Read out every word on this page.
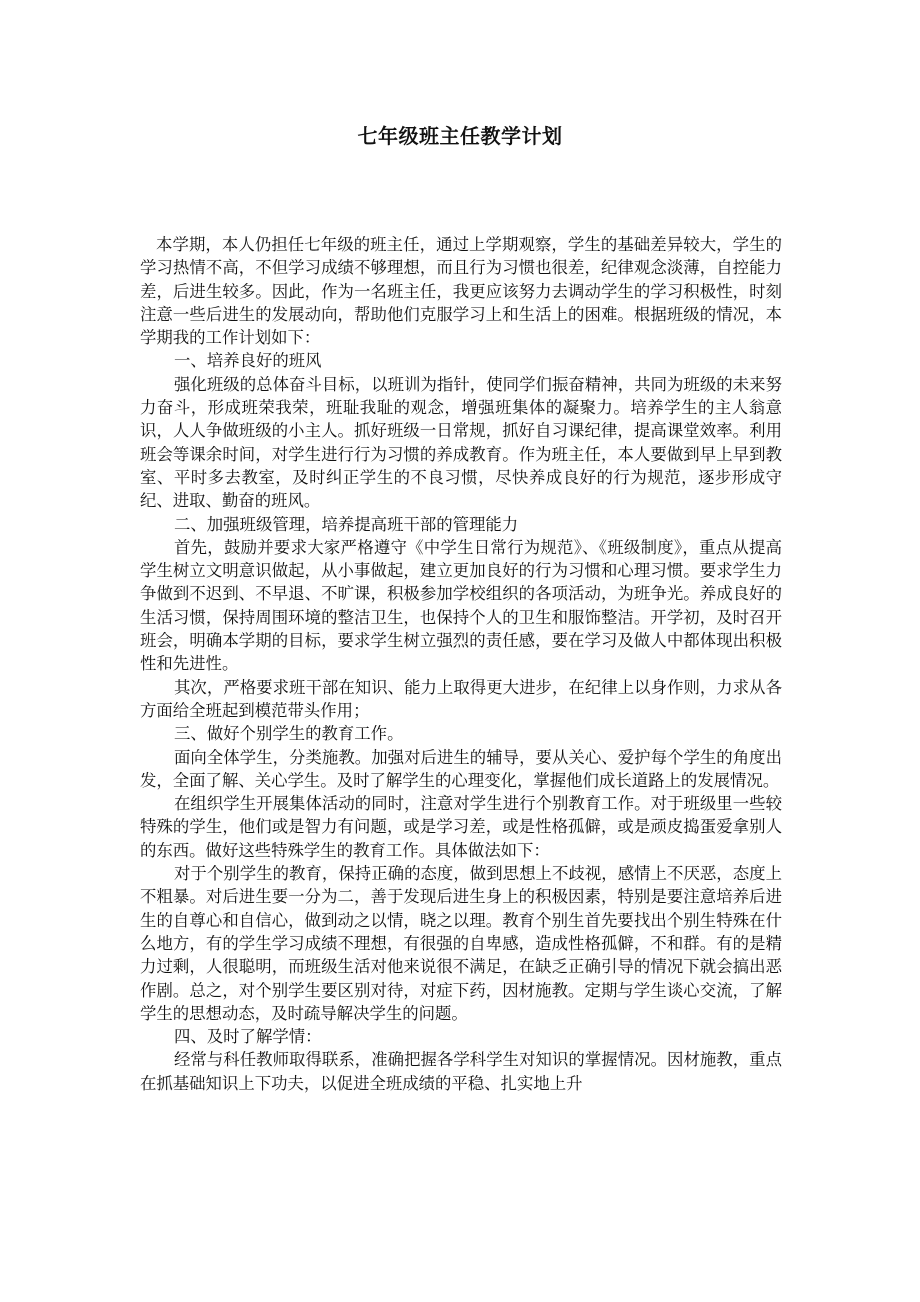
七年级班主任教学计划

本学期，本人仍担任七年级的班主任，通过上学期观察，学生的基础差异较大，学生的学习热情不高，不但学习成绩不够理想，而且行为习惯也很差，纪律观念淡薄，自控能力差，后进生较多。因此，作为一名班主任，我更应该努力去调动学生的学习积极性，时刻注意一些后进生的发展动向，帮助他们克服学习上和生活上的困难。根据班级的情况，本学期我的工作计划如下：

一、培养良好的班风

强化班级的总体奋斗目标，以班训为指针，使同学们振奋精神，共同为班级的未来努力奋斗，形成班荣我荣，班耻我耻的观念，增强班集体的凝聚力。培养学生的主人翁意识，人人争做班级的小主人。抓好班级一日常规，抓好自习课纪律，提高课堂效率。利用班会等课余时间，对学生进行行为习惯的养成教育。作为班主任，本人要做到早上早到教室、平时多去教室，及时纠正学生的不良习惯，尽快养成良好的行为规范，逐步形成守纪、进取、勤奋的班风。

二、加强班级管理，培养提高班干部的管理能力

首先，鼓励并要求大家严格遵守《中学生日常行为规范》、《班级制度》，重点从提高学生树立文明意识做起，从小事做起，建立更加良好的行为习惯和心理习惯。要求学生力争做到不迟到、不早退、不旷课，积极参加学校组织的各项活动，为班争光。养成良好的生活习惯，保持周围环境的整洁卫生，也保持个人的卫生和服饰整洁。开学初，及时召开班会，明确本学期的目标，要求学生树立强烈的责任感，要在学习及做人中都体现出积极性和先进性。

其次，严格要求班干部在知识、能力上取得更大进步，在纪律上以身作则，力求从各方面给全班起到模范带头作用；

三、做好个别学生的教育工作。

面向全体学生，分类施教。加强对后进生的辅导，要从关心、爱护每个学生的角度出发，全面了解、关心学生。及时了解学生的心理变化，掌握他们成长道路上的发展情况。

在组织学生开展集体活动的同时，注意对学生进行个别教育工作。对于班级里一些较特殊的学生，他们或是智力有问题，或是学习差，或是性格孤僻，或是顽皮捣蛋爱拿别人的东西。做好这些特殊学生的教育工作。具体做法如下：

对于个别学生的教育，保持正确的态度，做到思想上不歧视，感情上不厌恶，态度上不粗暴。对后进生要一分为二，善于发现后进生身上的积极因素，特别是要注意培养后进生的自尊心和自信心，做到动之以情，晓之以理。教育个别生首先要找出个别生特殊在什么地方，有的学生学习成绩不理想，有很强的自卑感，造成性格孤僻，不和群。有的是精力过剩，人很聪明，而班级生活对他来说很不满足，在缺乏正确引导的情况下就会搞出恶作剧。总之，对个别学生要区别对待，对症下药，因材施教。定期与学生谈心交流，了解学生的思想动态，及时疏导解决学生的问题。

四、及时了解学情：

经常与科任教师取得联系，准确把握各学科学生对知识的掌握情况。因材施教，重点在抓基础知识上下功夫，以促进全班成绩的平稳、扎实地上升
